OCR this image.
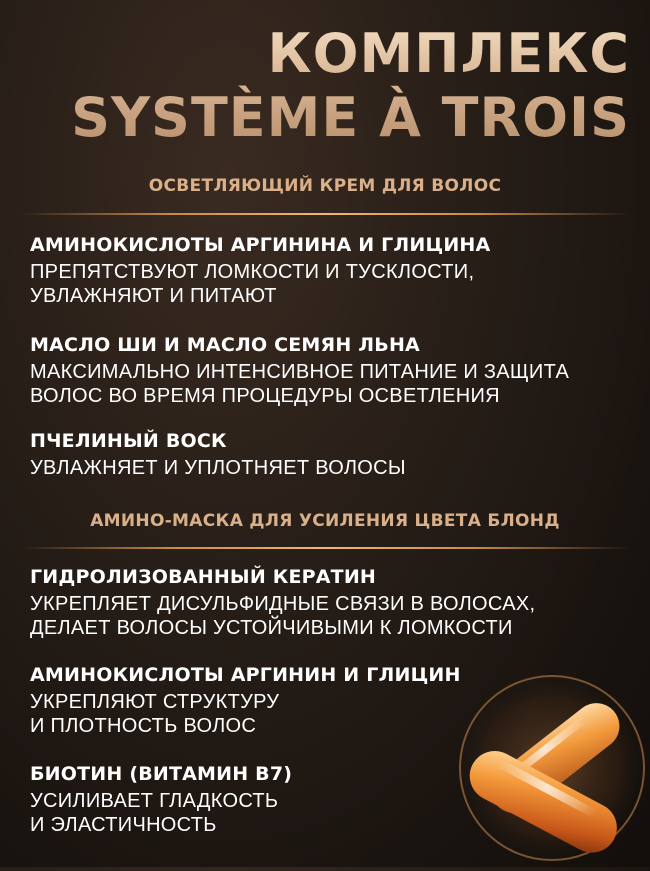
КОМПЛЕКС
SYSTÈME À TROIS
ОСВЕТЛЯЮЩИЙ КРЕМ ДЛЯ ВОЛОС
АМИНОКИСЛОТЫ АРГИНИНА И ГЛИЦИНА
ПРЕПЯТСТВУЮТ ЛОМКОСТИ И ТУСКЛОСТИ,
УВЛАЖНЯЮТ И ПИТАЮТ
МАСЛО ШИ И МАСЛО СЕМЯН ЛЬНА
МАКСИМАЛЬНО ИНТЕНСИВНОЕ ПИТАНИЕ И ЗАЩИТА
ВОЛОС ВО ВРЕМЯ ПРОЦЕДУРЫ ОСВЕТЛЕНИЯ
ПЧЕЛИНЫЙ ВОСК
УВЛАЖНЯЕТ И УПЛОТНЯЕТ ВОЛОСЫ
АМИНО-МАСКА ДЛЯ УСИЛЕНИЯ ЦВЕТА БЛОНД
ГИДРОЛИЗОВАННЫЙ КЕРАТИН
УКРЕПЛЯЕТ ДИСУЛЬФИДНЫЕ СВЯЗИ В ВОЛОСАХ,
ДЕЛАЕТ ВОЛОСЫ УСТОЙЧИВЫМИ К ЛОМКОСТИ
АМИНОКИСЛОТЫ АРГИНИН И ГЛИЦИН
УКРЕПЛЯЮТ СТРУКТУРУ
И ПЛОТНОСТЬ ВОЛОС
БИОТИН (ВИТАМИН B7)
УСИЛИВАЕТ ГЛАДКОСТЬ
И ЭЛАСТИЧНОСТЬ
